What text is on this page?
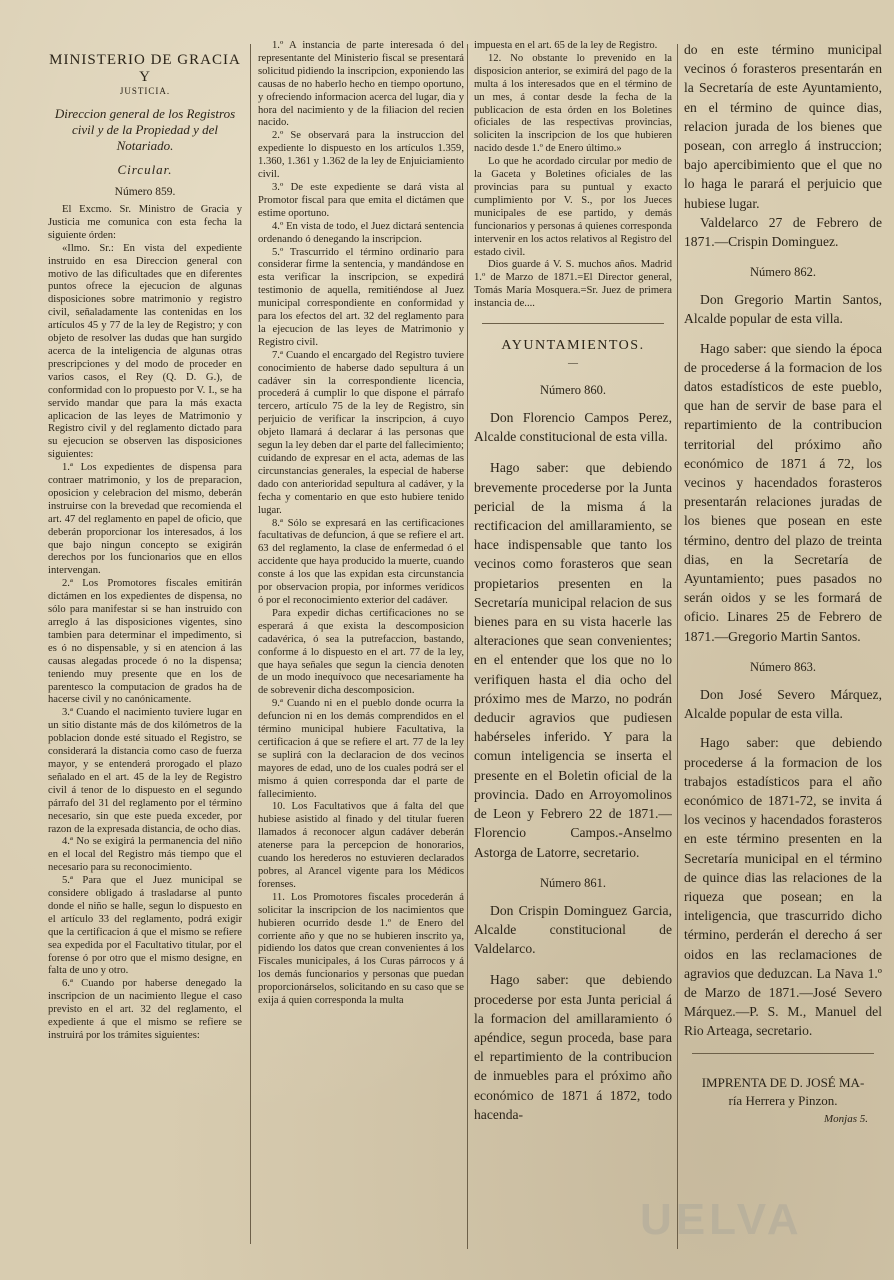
MINISTERIO DE GRACIA Y
JUSTICIA.
Direccion general de los Registros civil y de la Propiedad y del Notariado.
Circular.
Número 859.

El Excmo. Sr. Ministro de Gracia y Justicia me comunica con esta fecha la siguiente órden:

«Ilmo. Sr.: En vista del expediente instruido en esa Direccion general con motivo de las dificultades que en diferentes puntos ofrece la ejecucion de algunas disposiciones sobre matrimonio y registro civil, señaladamente las contenidas en los artículos 45 y 77 de la ley de Registro; y con objeto de resolver las dudas que han surgido acerca de la inteligencia de algunas otras prescripciones y del modo de proceder en varios casos, el Rey (Q. D. G.), de conformidad con lo propuesto por V. I., se ha servido mandar que para la más exacta aplicacion de las leyes de Matrimonio y Registro civil y del reglamento dictado para su ejecucion se observen las disposiciones siguientes:

1.ª Los expedientes de dispensa para contraer matrimonio, y los de preparacion, oposicion y celebracion del mismo, deberán instruirse con la brevedad que recomienda el art. 47 del reglamento en papel de oficio, que deberán proporcionar los interesados, á los que bajo ningun concepto se exigirán derechos por los funcionarios que en ellos intervengan.

2.ª Los Promotores fiscales emitirán dictámen en los expedientes de dispensa, no sólo para manifestar si se han instruido con arreglo á las disposiciones vigentes, sino tambien para determinar el impedimento, si es ó no dispensable, y si en atencion á las causas alegadas procede ó no la dispensa; teniendo muy presente que en los de parentesco la computacion de grados ha de hacerse civil y no canónicamente.

3.ª Cuando el nacimiento tuviere lugar en un sitio distante más de dos kilómetros de la poblacion donde esté situado el Registro, se considerará la distancia como caso de fuerza mayor, y se entenderá prorogado el plazo señalado en el art. 45 de la ley de Registro civil á tenor de lo dispuesto en el segundo párrafo del 31 del reglamento por el término necesario, sin que este pueda exceder, por razon de la expresada distancia, de ocho dias.

4.ª No se exigirá la permanencia del niño en el local del Registro más tiempo que el necesario para su reconocimiento.

5.ª Para que el Juez municipal se considere obligado á trasladarse al punto donde el niño se halle, segun lo dispuesto en el artículo 33 del reglamento, podrá exigir que la certificacion á que el mismo se refiere sea expedida por el Facultativo titular, por el forense ó por otro que el mismo designe, en falta de uno y otro.

6.ª Cuando por haberse denegado la inscripcion de un nacimiento llegue el caso previsto en el art. 32 del reglamento, el expediente á que el mismo se refiere se instruirá por los trámites siguientes:

1.º A instancia de parte interesada ó del representante del Ministerio fiscal se presentará solicitud pidiendo la inscripcion, exponiendo las causas de no haberlo hecho en tiempo oportuno, y ofreciendo informacion acerca del lugar, dia y hora del nacimiento y de la filiacion del recien nacido.

2.º Se observará para la instruccion del expediente lo dispuesto en los artículos 1.359, 1.360, 1.361 y 1.362 de la ley de Enjuiciamiento civil.

3.º De este expediente se dará vista al Promotor fiscal para que emita el dictámen que estime oportuno.

4.º En vista de todo, el Juez dictará sentencia ordenando ó denegando la inscripcion.

5.º Trascurrido el término ordinario para considerar firme la sentencia, y mandándose en esta verificar la inscripcion, se expedirá testimonio de aquella, remitiéndose al Juez municipal correspondiente en conformidad y para los efectos del art. 32 del reglamento para la ejecucion de las leyes de Matrimonio y Registro civil.

7.ª Cuando el encargado del Registro tuviere conocimiento de haberse dado sepultura á un cadáver sin la correspondiente licencia, procederá á cumplir lo que dispone el párrafo tercero, artículo 75 de la ley de Registro, sin perjuicio de verificar la inscripcion, á cuyo objeto llamará á declarar á las personas que segun la ley deben dar el parte del fallecimiento; cuidando de expresar en el acta, ademas de las circunstancias generales, la especial de haberse dado con anterioridad sepultura al cadáver, y la fecha y comentario en que esto hubiere tenido lugar.

8.ª Sólo se expresará en las certificaciones facultativas de defuncion, á que se refiere el art. 63 del reglamento, la clase de enfermedad ó el accidente que haya producido la muerte, cuando conste á los que las expidan esta circunstancia por observacion propia, por informes verídicos ó por el reconocimiento exterior del cadáver.

Para expedir dichas certificaciones no se esperará á que exista la descomposicion cadavérica, ó sea la putrefaccion, bastando, conforme á lo dispuesto en el art. 77 de la ley, que haya señales que segun la ciencia denoten de un modo inequívoco que necesariamente ha de sobrevenir dicha descomposicion.

9.ª Cuando ni en el pueblo donde ocurra la defuncion ni en los demás comprendidos en el término municipal hubiere Facultativa, la certificacion á que se refiere el art. 77 de la ley se suplirá con la declaracion de dos vecinos mayores de edad, uno de los cuales podrá ser el mismo á quien corresponda dar el parte de fallecimiento.

10. Los Facultativos que á falta del que hubiese asistido al finado y del titular fueren llamados á reconocer algun cadáver deberán atenerse para la percepcion de honorarios, cuando los herederos no estuvieren declarados pobres, al Arancel vigente para los Médicos forenses.

11. Los Promotores fiscales procederán á solicitar la inscripcion de los nacimientos que hubieren ocurrido desde 1.º de Enero del corriente año y que no se hubieren inscrito ya, pidiendo los datos que crean convenientes á los Fiscales municipales, á los Curas párrocos y á los demás funcionarios y personas que puedan proporcionárselos, solicitando en su caso que se exija á quien corresponda la multa

impuesta en el art. 65 de la ley de Registro.

12. No obstante lo prevenido en la disposicion anterior, se eximirá del pago de la multa á los interesados que en el término de un mes, á contar desde la fecha de la publicacion de esta órden en los Boletines oficiales de las respectivas provincias, soliciten la inscripcion de los que hubieren nacido desde 1.º de Enero último.»

Lo que he acordado circular por medio de la Gaceta y Boletines oficiales de las provincias para su puntual y exacto cumplimiento por V. S., por los Jueces municipales de ese partido, y demás funcionarios y personas á quienes corresponda intervenir en los actos relativos al Registro del estado civil.

Dios guarde á V. S. muchos años. Madrid 1.º de Marzo de 1871.=El Director general, Tomás María Mosquera.=Sr. Juez de primera instancia de....

AYUNTAMIENTOS.
—
Número 860.

Don Florencio Campos Perez, Alcalde constitucional de esta villa.

Hago saber: que debiendo brevemente procederse por la Junta pericial de la misma á la rectificacion del amillaramiento, se hace indispensable que tanto los vecinos como forasteros que sean propietarios presenten en la Secretaría municipal relacion de sus bienes para en su vista hacerle las alteraciones que sean convenientes; en el entender que los que no lo verifiquen hasta el dia ocho del próximo mes de Marzo, no podrán deducir agravios que pudiesen habérseles inferido. Y para la comun inteligencia se inserta el presente en el Boletin oficial de la provincia. Dado en Arroyomolinos de Leon y Febrero 22 de 1871.—Florencio Campos.-Anselmo Astorga de Latorre, secretario.

Número 861.

Don Crispin Dominguez Garcia, Alcalde constitucional de Valdelarco.

Hago saber: que debiendo procederse por esta Junta pericial á la formacion del amillaramiento ó apéndice, segun proceda, base para el repartimiento de la contribucion de inmuebles para el próximo año económico de 1871 á 1872, todo hacenda-

do en este término municipal vecinos ó forasteros presentarán en la Secretaría de este Ayuntamiento, en el término de quince dias, relacion jurada de los bienes que posean, con arreglo á instruccion; bajo apercibimiento que el que no lo haga le parará el perjuicio que hubiese lugar.

Valdelarco 27 de Febrero de 1871.—Crispin Dominguez.

Número 862.

Don Gregorio Martin Santos, Alcalde popular de esta villa.

Hago saber: que siendo la época de procederse á la formacion de los datos estadísticos de este pueblo, que han de servir de base para el repartimiento de la contribucion territorial del próximo año económico de 1871 á 72, los vecinos y hacendados forasteros presentarán relaciones juradas de los bienes que posean en este término, dentro del plazo de treinta dias, en la Secretaría de Ayuntamiento; pues pasados no serán oidos y se les formará de oficio. Linares 25 de Febrero de 1871.—Gregorio Martin Santos.

Número 863.

Don José Severo Márquez, Alcalde popular de esta villa.

Hago saber: que debiendo procederse á la formacion de los trabajos estadísticos para el año económico de 1871-72, se invita á los vecinos y hacendados forasteros en este término presenten en la Secretaría municipal en el término de quince dias las relaciones de la riqueza que posean; en la inteligencia, que trascurrido dicho término, perderán el derecho á ser oidos en las reclamaciones de agravios que deduzcan. La Nava 1.º de Marzo de 1871.—José Severo Márquez.—P. S. M., Manuel del Rio Arteaga, secretario.

IMPRENTA DE D. JOSÉ MA-
ría Herrera y Pinzon.
Monjas 5.
UELVA
